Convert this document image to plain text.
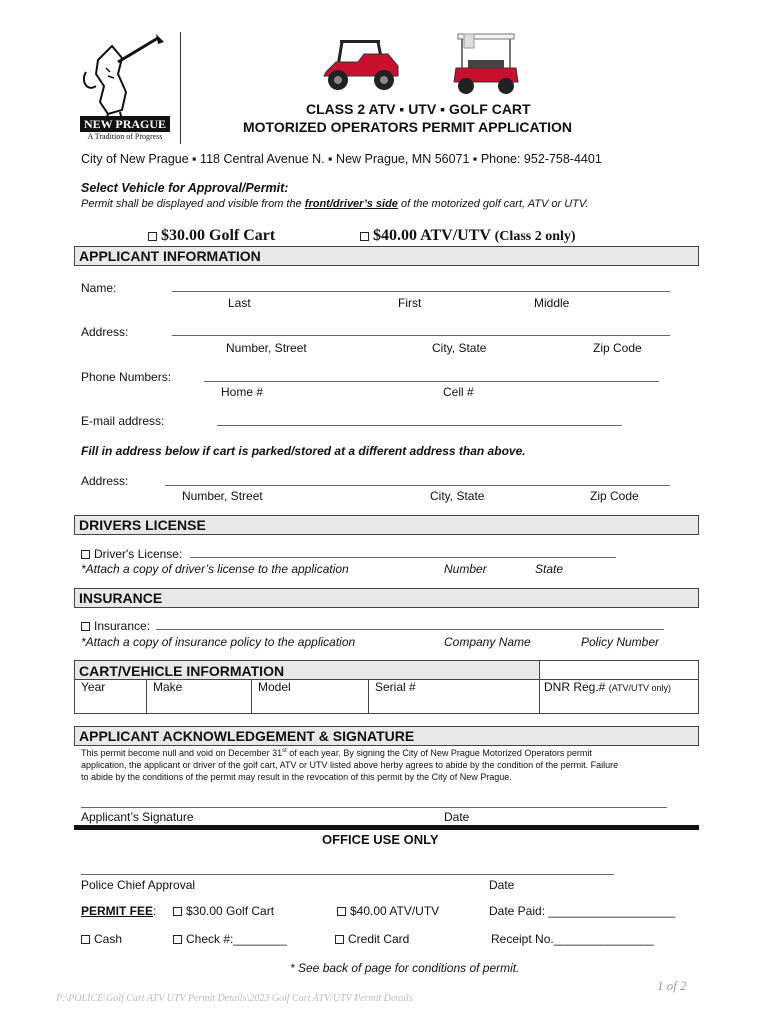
NEW PRAGUE
A Tradition of Progress
CLASS 2 ATV ▪ UTV ▪ GOLF CART
MOTORIZED OPERATORS PERMIT APPLICATION
City of New Prague ▪ 118 Central Avenue N. ▪ New Prague, MN 56071 ▪ Phone: 952-758-4401
Select Vehicle for Approval/Permit:
Permit shall be displayed and visible from the front/driver’s side of the motorized golf cart, ATV or UTV.
$30.00 Golf Cart	$40.00 ATV/UTV (Class 2 only)
APPLICANT INFORMATION
Name:
Last	First	Middle
Address:
Number, Street	City, State	Zip Code
Phone Numbers:
Home #	Cell #
E-mail address:
Fill in address below if cart is parked/stored at a different address than above.
Address:
Number, Street	City, State	Zip Code
DRIVERS LICENSE
Driver's License:
*Attach a copy of driver’s license to the application	Number	State
INSURANCE
Insurance:
*Attach a copy of insurance policy to the application	Company Name	Policy Number
CART/VEHICLE INFORMATION
Year	Make	Model	Serial #	DNR Reg.# (ATV/UTV only)
APPLICANT ACKNOWLEDGEMENT & SIGNATURE
This permit become null and void on December 31st of each year. By signing the City of New Prague Motorized Operators permit
application, the applicant or driver of the golf cart, ATV or UTV listed above herby agrees to abide by the condition of the permit. Failure
to abide by the conditions of the permit may result in the revocation of this permit by the City of New Prague.
Applicant’s Signature	Date
OFFICE USE ONLY
Police Chief Approval	Date
PERMIT FEE:	$30.00 Golf Cart	$40.00 ATV/UTV	Date Paid: ___________________
Cash	Check #:________	Credit Card	Receipt No._______________
* See back of page for conditions of permit.
1 of 2
P:\POLICE\Golf Cart ATV UTV Permit Details\2023 Golf Cart ATV/UTV Permit Details
